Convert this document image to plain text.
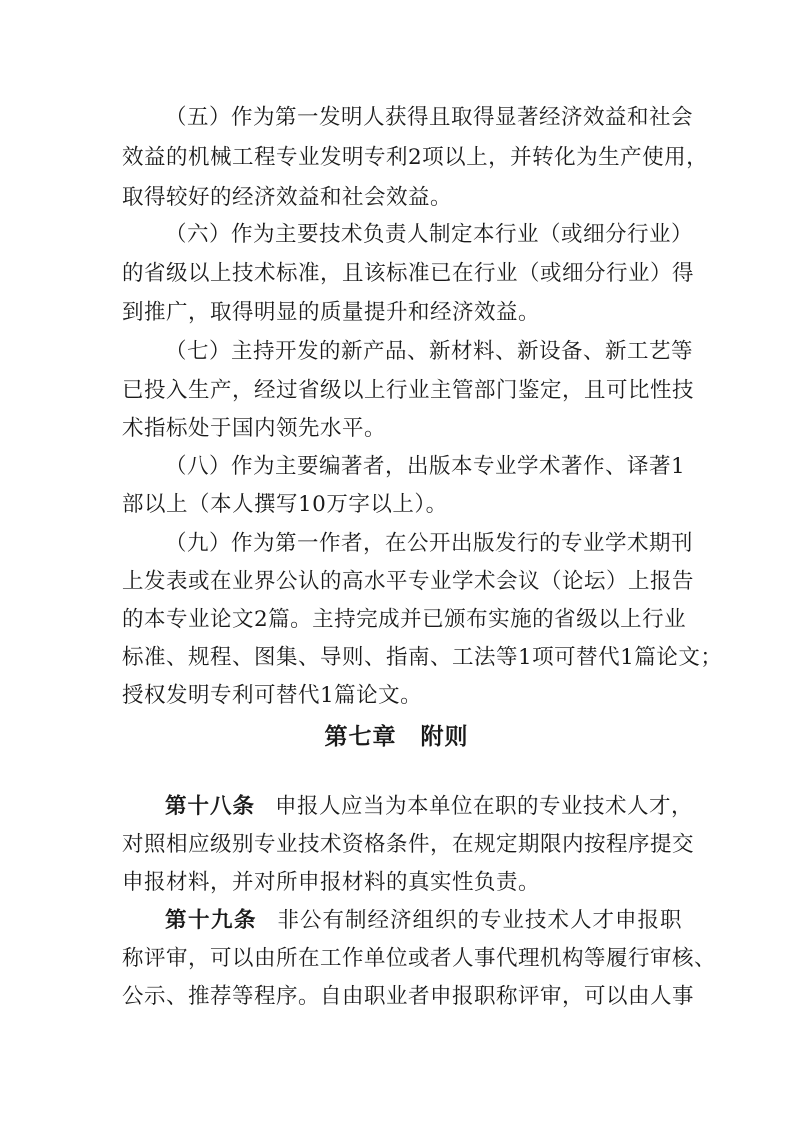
（五）作为第一发明人获得且取得显著经济效益和社会
效益的机械工程专业发明专利2项以上，并转化为生产使用，
取得较好的经济效益和社会效益。
（六）作为主要技术负责人制定本行业（或细分行业）
的省级以上技术标准，且该标准已在行业（或细分行业）得
到推广，取得明显的质量提升和经济效益。
（七）主持开发的新产品、新材料、新设备、新工艺等
已投入生产，经过省级以上行业主管部门鉴定，且可比性技
术指标处于国内领先水平。
（八）作为主要编著者，出版本专业学术著作、译著1
部以上（本人撰写10万字以上）。
（九）作为第一作者，在公开出版发行的专业学术期刊
上发表或在业界公认的高水平专业学术会议（论坛）上报告
的本专业论文2篇。主持完成并已颁布实施的省级以上行业
标准、规程、图集、导则、指南、工法等1项可替代1篇论文；
授权发明专利可替代1篇论文。
第七章 附则
第十八条 申报人应当为本单位在职的专业技术人才，
对照相应级别专业技术资格条件，在规定期限内按程序提交
申报材料，并对所申报材料的真实性负责。
第十九条 非公有制经济组织的专业技术人才申报职
称评审，可以由所在工作单位或者人事代理机构等履行审核、
公示、推荐等程序。自由职业者申报职称评审，可以由人事
